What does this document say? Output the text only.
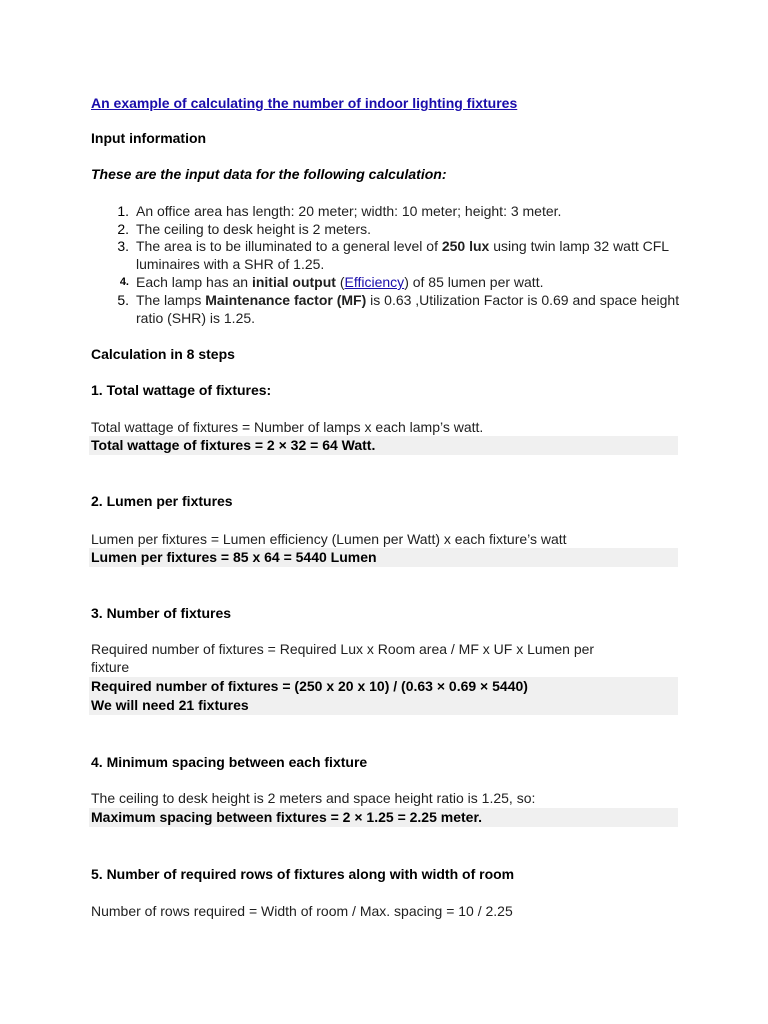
An example of calculating the number of indoor lighting fixtures
Input information
These are the input data for the following calculation:
1. An office area has length: 20 meter; width: 10 meter; height: 3 meter.
2. The ceiling to desk height is 2 meters.
3. The area is to be illuminated to a general level of 250 lux using twin lamp 32 watt CFL luminaires with a SHR of 1.25.
4. Each lamp has an initial output (Efficiency) of 85 lumen per watt.
5. The lamps Maintenance factor (MF) is 0.63 ,Utilization Factor is 0.69 and space height ratio (SHR) is 1.25.
Calculation in 8 steps
1. Total wattage of fixtures:
Total wattage of fixtures = Number of lamps x each lamp’s watt.
Total wattage of fixtures = 2 × 32 = 64 Watt.
2. Lumen per fixtures
Lumen per fixtures = Lumen efficiency (Lumen per Watt) x each fixture’s watt
Lumen per fixtures = 85 x 64 = 5440 Lumen
3. Number of fixtures
Required number of fixtures = Required Lux x Room area / MF x UF x Lumen per
fixture
Required number of fixtures = (250 x 20 x 10) / (0.63 × 0.69 × 5440)
We will need 21 fixtures
4. Minimum spacing between each fixture
The ceiling to desk height is 2 meters and space height ratio is 1.25, so:
Maximum spacing between fixtures = 2 × 1.25 = 2.25 meter.
5. Number of required rows of fixtures along with width of room
Number of rows required = Width of room / Max. spacing = 10 / 2.25
